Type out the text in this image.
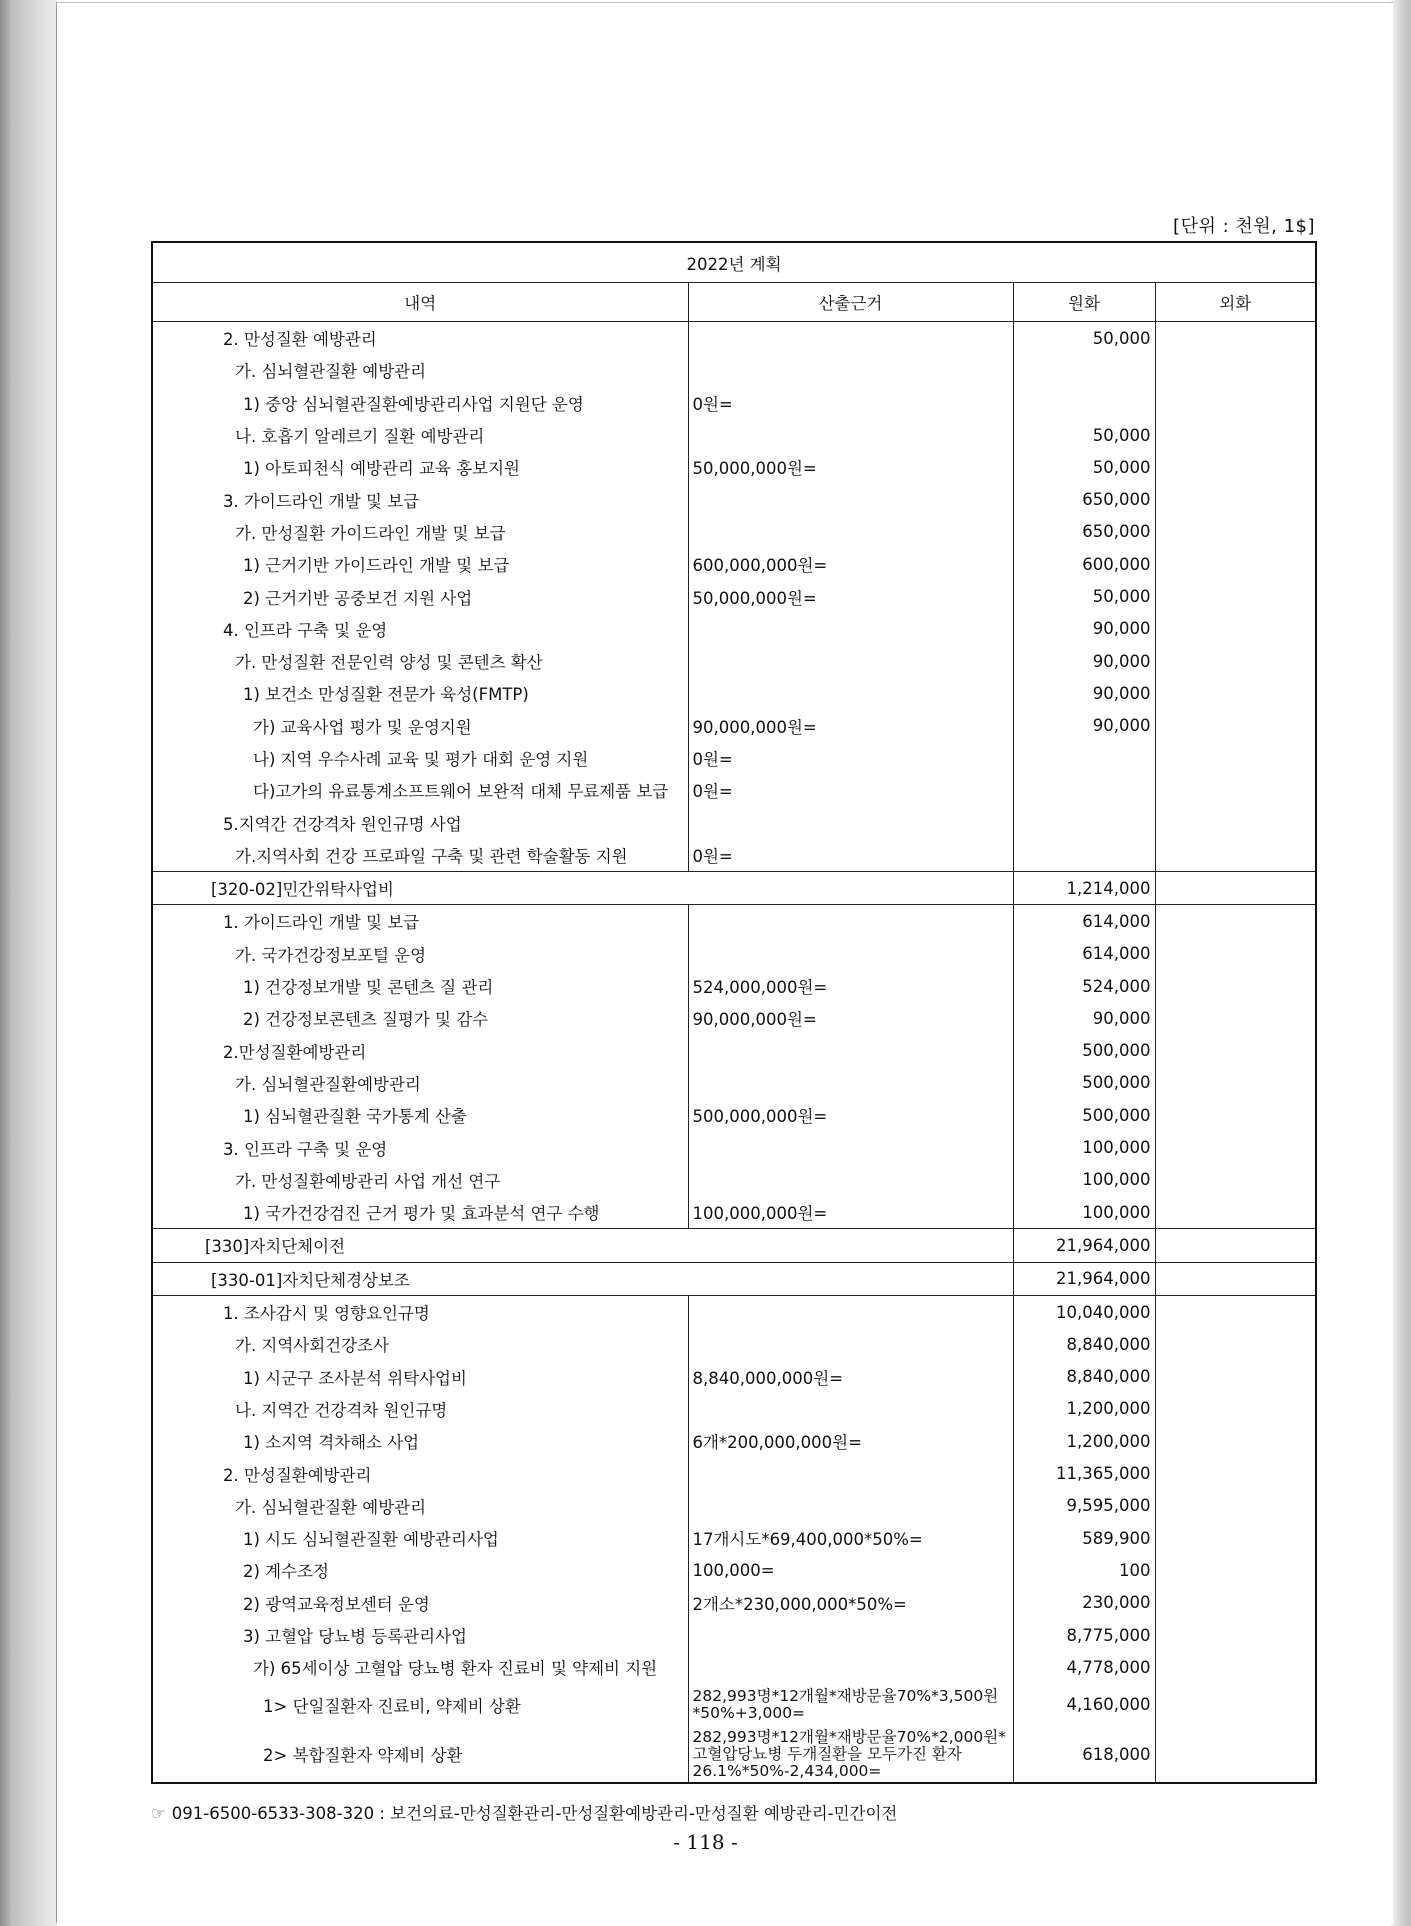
[단위 : 천원, 1$]
2022년 계획			
내역	산출근거	원화	외화
2. 만성질환 예방관리		50,000	
가. 심뇌혈관질환 예방관리			
1) 중앙 심뇌혈관질환예방관리사업 지원단 운영	0원=		
나. 호흡기 알레르기 질환 예방관리		50,000	
1) 아토피천식 예방관리 교육 홍보지원	50,000,000원=	50,000	
3. 가이드라인 개발 및 보급		650,000	
가. 만성질환 가이드라인 개발 및 보급		650,000	
1) 근거기반 가이드라인 개발 및 보급	600,000,000원=	600,000	
2) 근거기반 공중보건 지원 사업	50,000,000원=	50,000	
4. 인프라 구축 및 운영		90,000	
가. 만성질환 전문인력 양성 및 콘텐츠 확산		90,000	
1) 보건소 만성질환 전문가 육성(FMTP)		90,000	
가) 교육사업 평가 및 운영지원	90,000,000원=	90,000	
나) 지역 우수사례 교육 및 평가 대회 운영 지원	0원=		
다)고가의 유료통계소프트웨어 보완적 대체 무료제품 보급	0원=		
5.지역간 건강격차 원인규명 사업			
가.지역사회 건강 프로파일 구축 및 관련 학술활동 지원	0원=		
[320-02]민간위탁사업비		1,214,000	
1. 가이드라인 개발 및 보급		614,000	
가. 국가건강정보포털 운영		614,000	
1) 건강정보개발 및 콘텐츠 질 관리	524,000,000원=	524,000	
2) 건강정보콘텐츠 질평가 및 감수	90,000,000원=	90,000	
2.만성질환예방관리		500,000	
가. 심뇌혈관질환예방관리		500,000	
1) 심뇌혈관질환 국가통계 산출	500,000,000원=	500,000	
3. 인프라 구축 및 운영		100,000	
가. 만성질환예방관리 사업 개선 연구		100,000	
1) 국가건강검진 근거 평가 및 효과분석 연구 수행	100,000,000원=	100,000	
[330]자치단체이전		21,964,000	
[330-01]자치단체경상보조		21,964,000	
1. 조사감시 및 영향요인규명		10,040,000	
가. 지역사회건강조사		8,840,000	
1) 시군구 조사분석 위탁사업비	8,840,000,000원=	8,840,000	
나. 지역간 건강격차 원인규명		1,200,000	
1) 소지역 격차해소 사업	6개*200,000,000원=	1,200,000	
2. 만성질환예방관리		11,365,000	
가. 심뇌혈관질환 예방관리		9,595,000	
1) 시도 심뇌혈관질환 예방관리사업	17개시도*69,400,000*50%=	589,900	
2) 계수조정	100,000=	100	
2) 광역교육정보센터 운영	2개소*230,000,000*50%=	230,000	
3) 고혈압 당뇨병 등록관리사업		8,775,000	
가) 65세이상 고혈압 당뇨병 환자 진료비 및 약제비 지원		4,778,000	
1> 단일질환자 진료비, 약제비 상환	282,993명*12개월*재방문율70%*3,500원*50%+3,000=	4,160,000	
2> 복합질환자 약제비 상환	282,993명*12개월*재방문율70%*2,000원*고혈압당뇨병 두개질환을 모두가진 환자 26.1%*50%-2,434,000=	618,000	
☞ 091-6500-6533-308-320 : 보건의료-만성질환관리-만성질환예방관리-만성질환 예방관리-민간이전
- 118 -
